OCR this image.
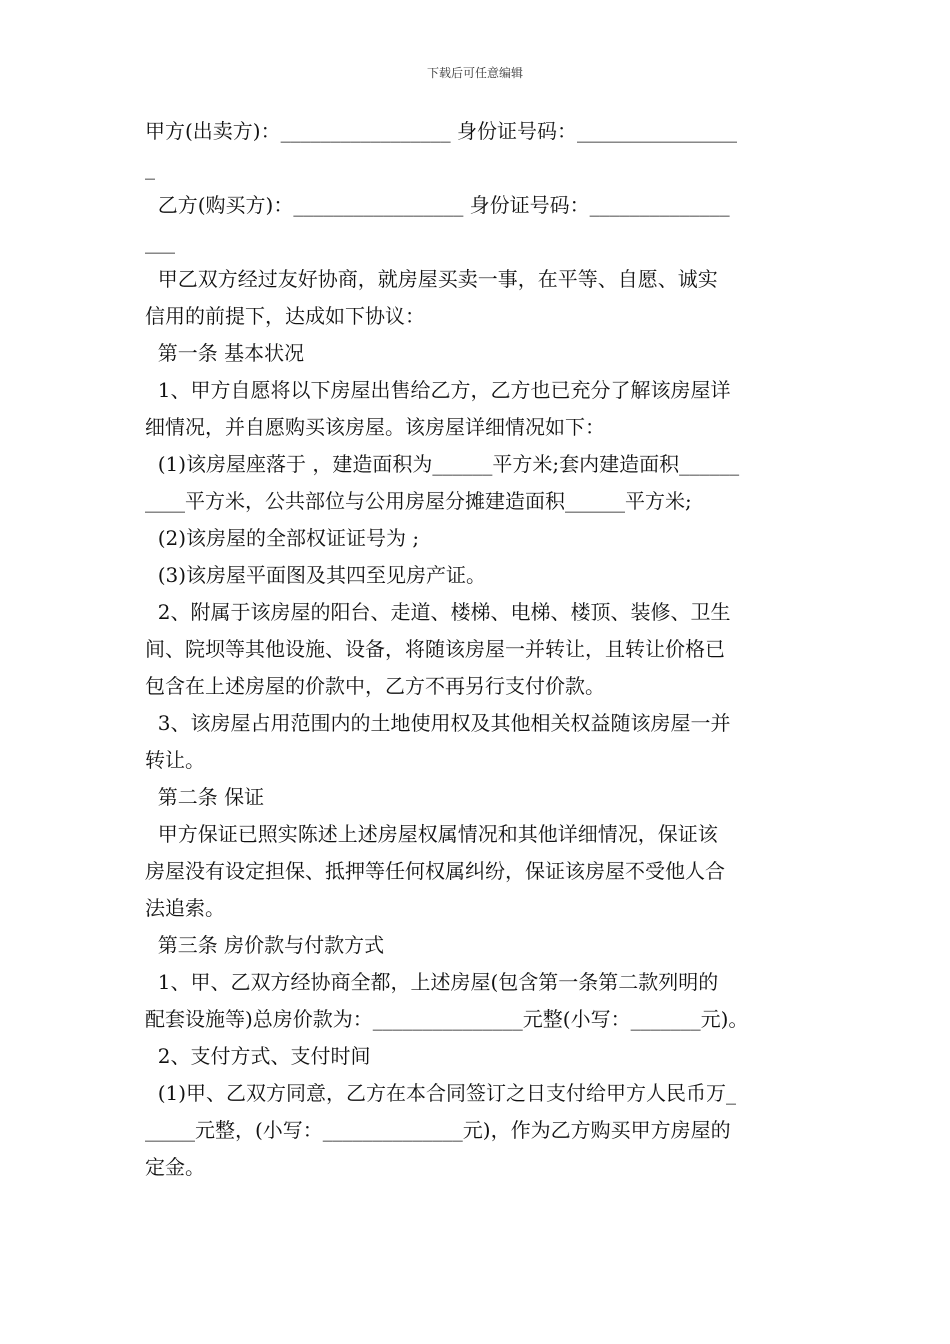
下载后可任意编辑
甲方(出卖方)：_________________ 身份证号码：________________
_
乙方(购买方)：_________________ 身份证号码：______________
___
甲乙双方经过友好协商，就房屋买卖一事，在平等、自愿、诚实
信用的前提下，达成如下协议：
第一条 基本状况
1、甲方自愿将以下房屋出售给乙方，乙方也已充分了解该房屋详
细情况，并自愿购买该房屋。该房屋详细情况如下：
(1)该房屋座落于 ，建造面积为______平方米;套内建造面积______
____平方米，公共部位与公用房屋分摊建造面积______平方米;
(2)该房屋的全部权证证号为 ;
(3)该房屋平面图及其四至见房产证。
2、附属于该房屋的阳台、走道、楼梯、电梯、楼顶、装修、卫生
间、院坝等其他设施、设备，将随该房屋一并转让，且转让价格已
包含在上述房屋的价款中，乙方不再另行支付价款。
3、该房屋占用范围内的土地使用权及其他相关权益随该房屋一并
转让。
第二条 保证
甲方保证已照实陈述上述房屋权属情况和其他详细情况，保证该
房屋没有设定担保、抵押等任何权属纠纷，保证该房屋不受他人合
法追索。
第三条 房价款与付款方式
1、甲、乙双方经协商全都，上述房屋(包含第一条第二款列明的
配套设施等)总房价款为：_______________元整(小写：_______元)。
2、支付方式、支付时间
(1)甲、乙双方同意，乙方在本合同签订之日支付给甲方人民币万_
_____元整，(小写：______________元)，作为乙方购买甲方房屋的
定金。
